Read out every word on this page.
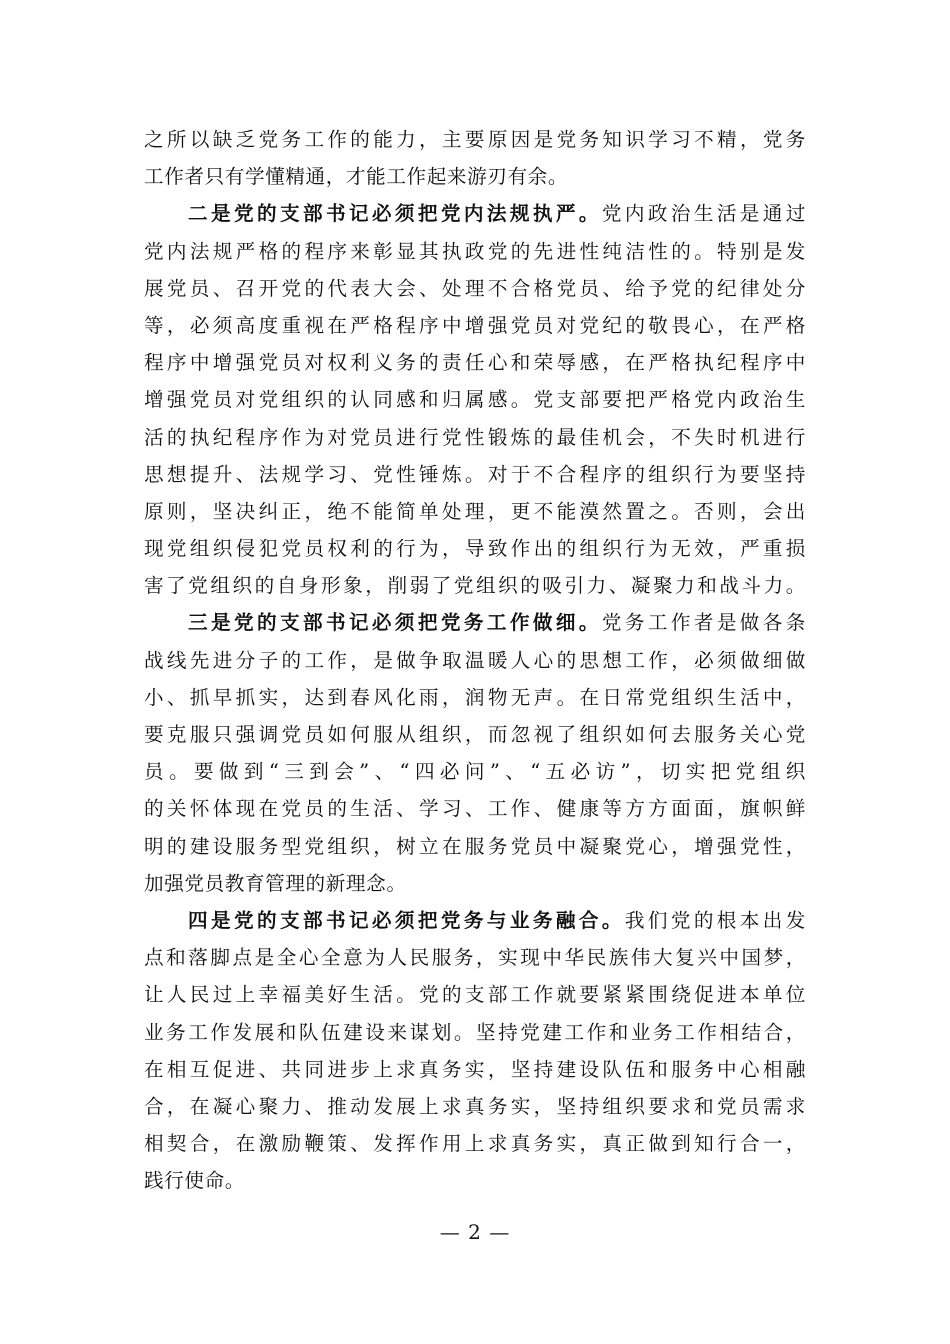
之所以缺乏党务工作的能力，主要原因是党务知识学习不精，党务
工作者只有学懂精通，才能工作起来游刃有余。
二是党的支部书记必须把党内法规执严。党内政治生活是通过
党内法规严格的程序来彰显其执政党的先进性纯洁性的。特别是发
展党员、召开党的代表大会、处理不合格党员、给予党的纪律处分
等，必须高度重视在严格程序中增强党员对党纪的敬畏心，在严格
程序中增强党员对权利义务的责任心和荣辱感，在严格执纪程序中
增强党员对党组织的认同感和归属感。党支部要把严格党内政治生
活的执纪程序作为对党员进行党性锻炼的最佳机会，不失时机进行
思想提升、法规学习、党性锤炼。对于不合程序的组织行为要坚持
原则，坚决纠正，绝不能简单处理，更不能漠然置之。否则，会出
现党组织侵犯党员权利的行为，导致作出的组织行为无效，严重损
害了党组织的自身形象，削弱了党组织的吸引力、凝聚力和战斗力。
三是党的支部书记必须把党务工作做细。党务工作者是做各条
战线先进分子的工作，是做争取温暖人心的思想工作，必须做细做
小、抓早抓实，达到春风化雨，润物无声。在日常党组织生活中，
要克服只强调党员如何服从组织，而忽视了组织如何去服务关心党
员。要做到“三到会”、“四必问”、“五必访”，切实把党组织
的关怀体现在党员的生活、学习、工作、健康等方方面面，旗帜鲜
明的建设服务型党组织，树立在服务党员中凝聚党心，增强党性，
加强党员教育管理的新理念。
四是党的支部书记必须把党务与业务融合。我们党的根本出发
点和落脚点是全心全意为人民服务，实现中华民族伟大复兴中国梦，
让人民过上幸福美好生活。党的支部工作就要紧紧围绕促进本单位
业务工作发展和队伍建设来谋划。坚持党建工作和业务工作相结合，
在相互促进、共同进步上求真务实，坚持建设队伍和服务中心相融
合，在凝心聚力、推动发展上求真务实，坚持组织要求和党员需求
相契合，在激励鞭策、发挥作用上求真务实，真正做到知行合一，
践行使命。
— 2 —
